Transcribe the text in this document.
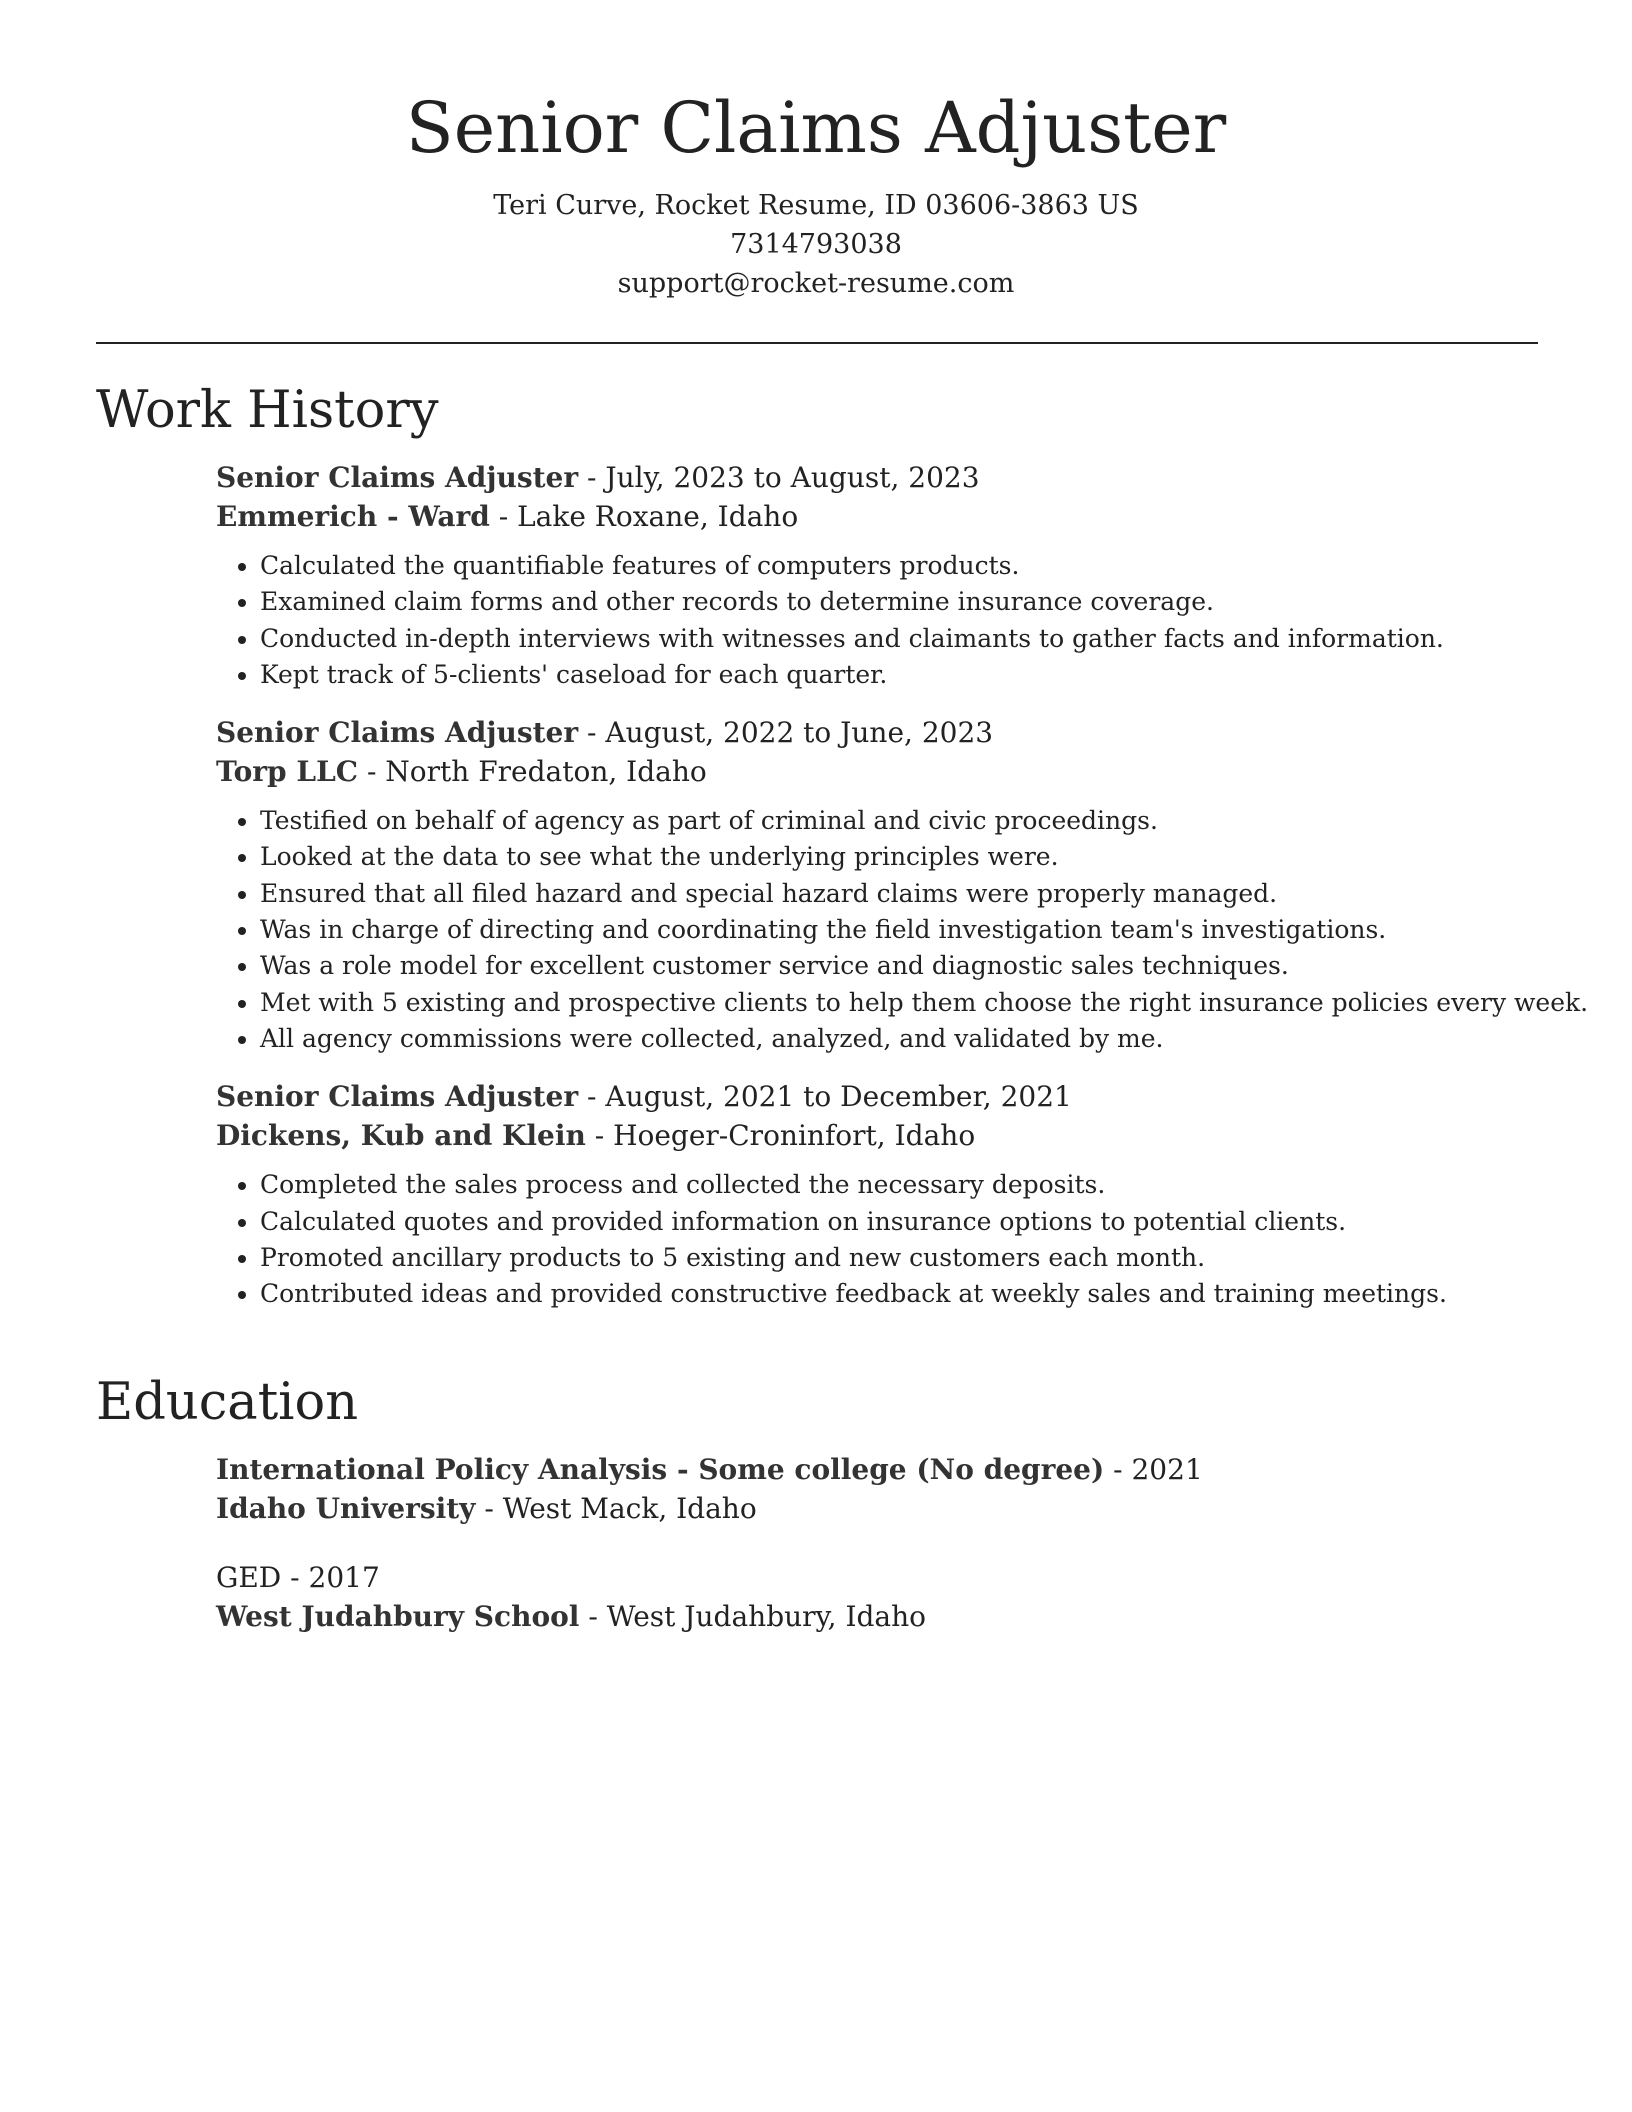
Senior Claims Adjuster
Teri Curve, Rocket Resume, ID 03606-3863 US
7314793038
support@rocket-resume.com
Work History
Senior Claims Adjuster - July, 2023 to August, 2023
Emmerich - Ward - Lake Roxane, Idaho
• Calculated the quantifiable features of computers products.
• Examined claim forms and other records to determine insurance coverage.
• Conducted in-depth interviews with witnesses and claimants to gather facts and information.
• Kept track of 5-clients' caseload for each quarter.
Senior Claims Adjuster - August, 2022 to June, 2023
Torp LLC - North Fredaton, Idaho
• Testified on behalf of agency as part of criminal and civic proceedings.
• Looked at the data to see what the underlying principles were.
• Ensured that all filed hazard and special hazard claims were properly managed.
• Was in charge of directing and coordinating the field investigation team's investigations.
• Was a role model for excellent customer service and diagnostic sales techniques.
• Met with 5 existing and prospective clients to help them choose the right insurance policies every week.
• All agency commissions were collected, analyzed, and validated by me.
Senior Claims Adjuster - August, 2021 to December, 2021
Dickens, Kub and Klein - Hoeger-Croninfort, Idaho
• Completed the sales process and collected the necessary deposits.
• Calculated quotes and provided information on insurance options to potential clients.
• Promoted ancillary products to 5 existing and new customers each month.
• Contributed ideas and provided constructive feedback at weekly sales and training meetings.
Education
International Policy Analysis - Some college (No degree) - 2021
Idaho University - West Mack, Idaho
GED - 2017
West Judahbury School - West Judahbury, Idaho
